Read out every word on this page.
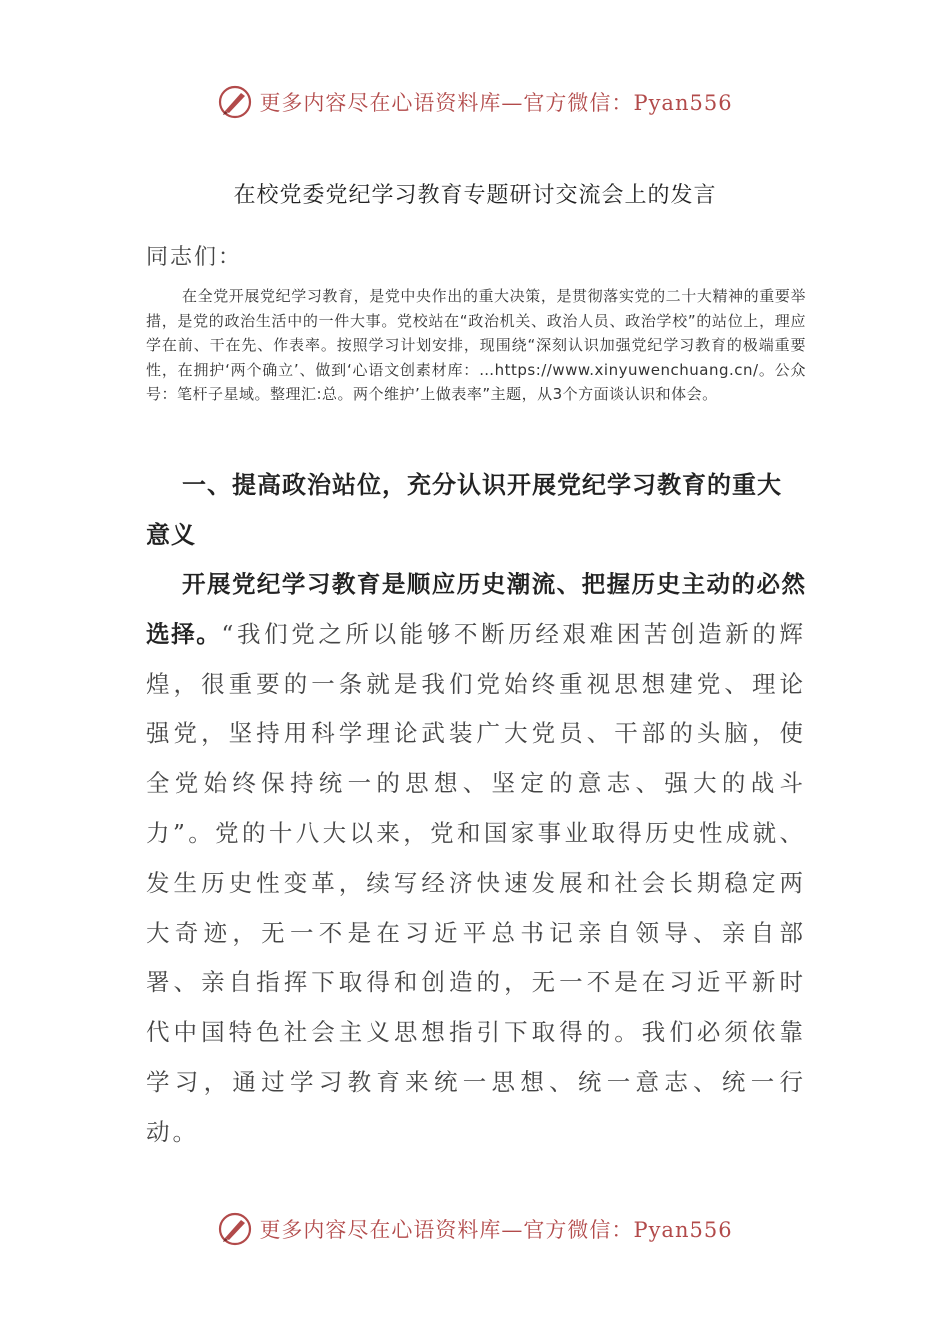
更多内容尽在心语资料库—官方微信：Pyan556
在校党委党纪学习教育专题研讨交流会上的发言
同志们：
在全党开展党纪学习教育，是党中央作出的重大决策，是贯彻落实党的二十大精神的重要举措，是党的政治生活中的一件大事。党校站在“政治机关、政治人员、政治学校”的站位上，理应学在前、干在先、作表率。按照学习计划安排，现围绕“深刻认识加强党纪学习教育的极端重要性，在拥护‘两个确立’、做到‘心语文创素材库：…https://www.xinyuwenchuang.cn/。公众号：笔杆子星域。整理汇:总。两个维护’上做表率”主题，从3个方面谈认识和体会。
一、提高政治站位，充分认识开展党纪学习教育的重大意义
开展党纪学习教育是顺应历史潮流、把握历史主动的必然选择。“我们党之所以能够不断历经艰难困苦创造新的辉煌，很重要的一条就是我们党始终重视思想建党、理论强党，坚持用科学理论武装广大党员、干部的头脑，使全党始终保持统一的思想、坚定的意志、强大的战斗力”。党的十八大以来，党和国家事业取得历史性成就、发生历史性变革，续写经济快速发展和社会长期稳定两大奇迹，无一不是在习近平总书记亲自领导、亲自部署、亲自指挥下取得和创造的，无一不是在习近平新时代中国特色社会主义思想指引下取得的。我们必须依靠学习，通过学习教育来统一思想、统一意志、统一行动。
更多内容尽在心语资料库—官方微信：Pyan556
